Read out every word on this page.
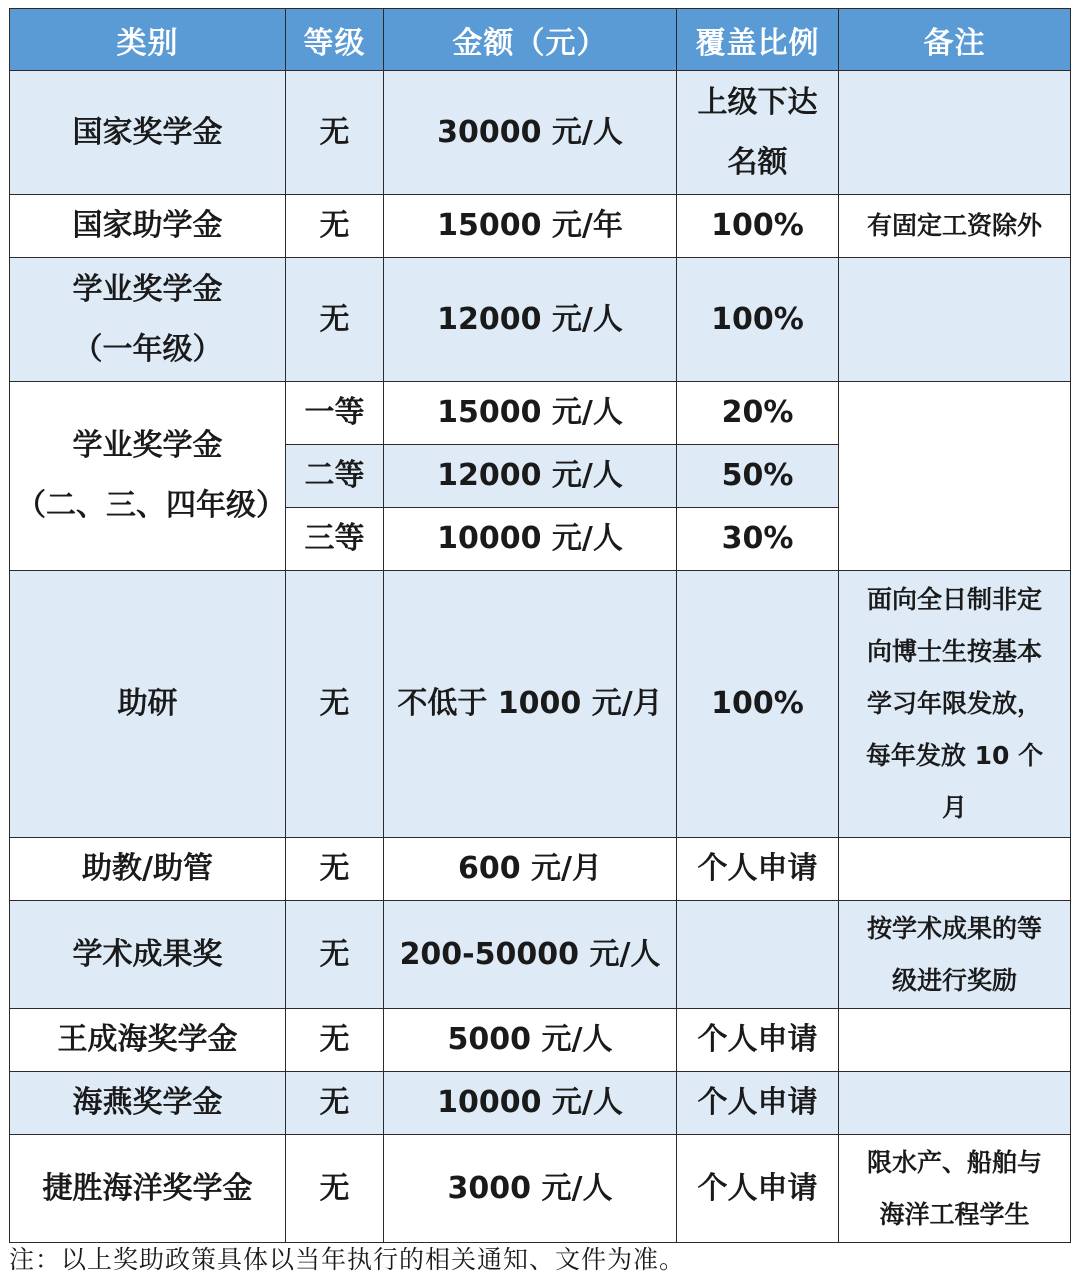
类别	等级	金额（元）	覆盖比例	备注
国家奖学金	无	30000 元/人	上级下达
名额	

国家助学金	无	15000 元/年	100%	有固定工资除外

学业奖学金
（一年级）	无	12000 元/人	100%	

学业奖学金
（二、三、四年级）	一等	15000 元/人	20%	
	二等	12000 元/人	50%	
	三等	10000 元/人	30%	
助研	无	不低于 1000 元/月	100%	面向全日制非定
向博士生按基本
学习年限发放，
每年发放 10 个
月

助教/助管	无	600 元/月	个人申请	
学术成果奖	无	200-50000 元/人		按学术成果的等
级进行奖励

王成海奖学金	无	5000 元/人	个人申请	
海燕奖学金	无	10000 元/人	个人申请	
捷胜海洋奖学金	无	3000 元/人	个人申请	限水产、船舶与
海洋工程学生
注：以上奖助政策具体以当年执行的相关通知、文件为准。
